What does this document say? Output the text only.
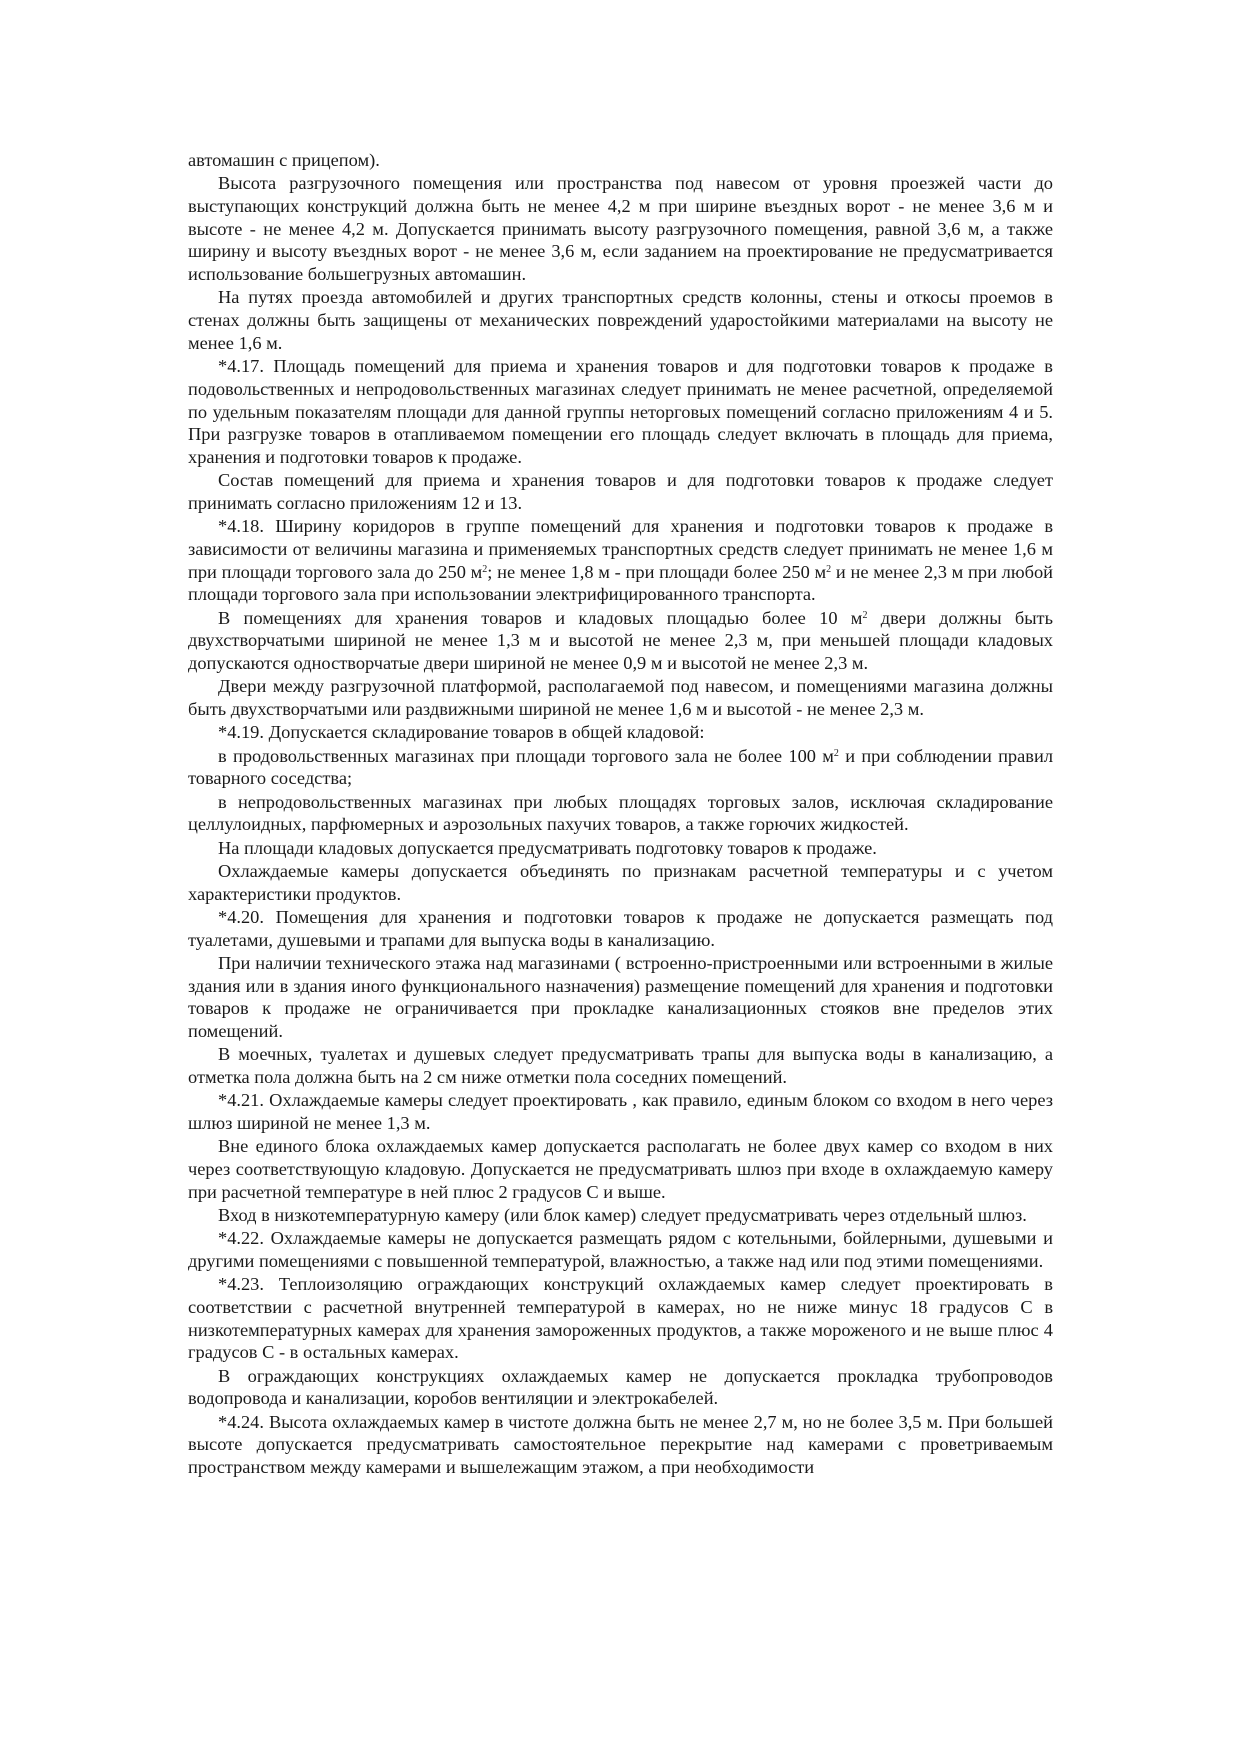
автомашин с прицепом).

Высота разгрузочного помещения или пространства под навесом от уровня проезжей части до выступающих конструкций должна быть не менее 4,2 м при ширине въездных ворот - не менее 3,6 м и высоте - не менее 4,2 м. Допускается принимать высоту разгрузочного помещения, равной 3,6 м, а также ширину и высоту въездных ворот - не менее 3,6 м, если заданием на проектирование не предусматривается использование большегрузных автомашин.

На путях проезда автомобилей и других транспортных средств колонны, стены и откосы проемов в стенах должны быть защищены от механических повреждений ударостойкими материалами на высоту не менее 1,6 м.

*4.17. Площадь помещений для приема и хранения товаров и для подготовки товаров к продаже в подовольственных и непродовольственных магазинах следует принимать не менее расчетной, определяемой по удельным показателям площади для данной группы неторговых помещений согласно приложениям 4 и 5. При разгрузке товаров в отапливаемом помещении его площадь следует включать в площадь для приема, хранения и подготовки товаров к продаже.

Состав помещений для приема и хранения товаров и для подготовки товаров к продаже следует принимать согласно приложениям 12 и 13.

*4.18. Ширину коридоров в группе помещений для хранения и подготовки товаров к продаже в зависимости от величины магазина и применяемых транспортных средств следует принимать не менее 1,6 м при площади торгового зала до 250 $м^2$; не менее 1,8 м - при площади более 250 $м^2$ и не менее 2,3 м при любой площади торгового зала при использовании электрифицированного транспорта.

В помещениях для хранения товаров и кладовых площадью более 10 $м^2$ двери должны быть двухстворчатыми шириной не менее 1,3 м и высотой не менее 2,3 м, при меньшей площади кладовых допускаются одностворчатые двери шириной не менее 0,9 м и высотой не менее 2,3 м.

Двери между разгрузочной платформой, располагаемой под навесом, и помещениями магазина должны быть двухстворчатыми или раздвижными шириной не менее 1,6 м и высотой - не менее 2,3 м.

*4.19. Допускается складирование товаров в общей кладовой:

в продовольственных магазинах при площади торгового зала не более 100 $м^2$ и при соблюдении правил товарного соседства;

в непродовольственных магазинах при любых площадях торговых залов, исключая складирование целлулоидных, парфюмерных и аэрозольных пахучих товаров, а также горючих жидкостей.

На площади кладовых допускается предусматривать подготовку товаров к продаже.

Охлаждаемые камеры допускается объединять по признакам расчетной температуры и с учетом характеристики продуктов.

*4.20. Помещения для хранения и подготовки товаров к продаже не допускается размещать под туалетами, душевыми и трапами для выпуска воды в канализацию.

При наличии технического этажа над магазинами ( встроенно-пристроенными или встроенными в жилые здания или в здания иного функционального назначения) размещение помещений для хранения и подготовки товаров к продаже не ограничивается при прокладке канализационных стояков вне пределов этих помещений.

В моечных, туалетах и душевых следует предусматривать трапы для выпуска воды в канализацию, а отметка пола должна быть на 2 см ниже отметки пола соседних помещений.

*4.21. Охлаждаемые камеры следует проектировать , как правило, единым блоком со входом в него через шлюз шириной не менее 1,3 м.

Вне единого блока охлаждаемых камер допускается располагать не более двух камер со входом в них через соответствующую кладовую. Допускается не предусматривать шлюз при входе в охлаждаемую камеру при расчетной температуре в ней плюс 2 градусов С и выше.

Вход в низкотемпературную камеру (или блок камер) следует предусматривать через отдельный шлюз.

*4.22. Охлаждаемые камеры не допускается размещать рядом с котельными, бойлерными, душевыми и другими помещениями с повышенной температурой, влажностью, а также над или под этими помещениями.

*4.23. Теплоизоляцию ограждающих конструкций охлаждаемых камер следует проектировать в соответствии с расчетной внутренней температурой в камерах, но не ниже минус 18 градусов С в низкотемпературных камерах для хранения замороженных продуктов, а также мороженого и не выше плюс 4 градусов С - в остальных камерах.

В ограждающих конструкциях охлаждаемых камер не допускается прокладка трубопроводов водопровода и канализации, коробов вентиляции и электрокабелей.

*4.24. Высота охлаждаемых камер в чистоте должна быть не менее 2,7 м, но не более 3,5 м. При большей высоте допускается предусматривать самостоятельное перекрытие над камерами с проветриваемым пространством между камерами и вышележащим этажом, а при необходимости
